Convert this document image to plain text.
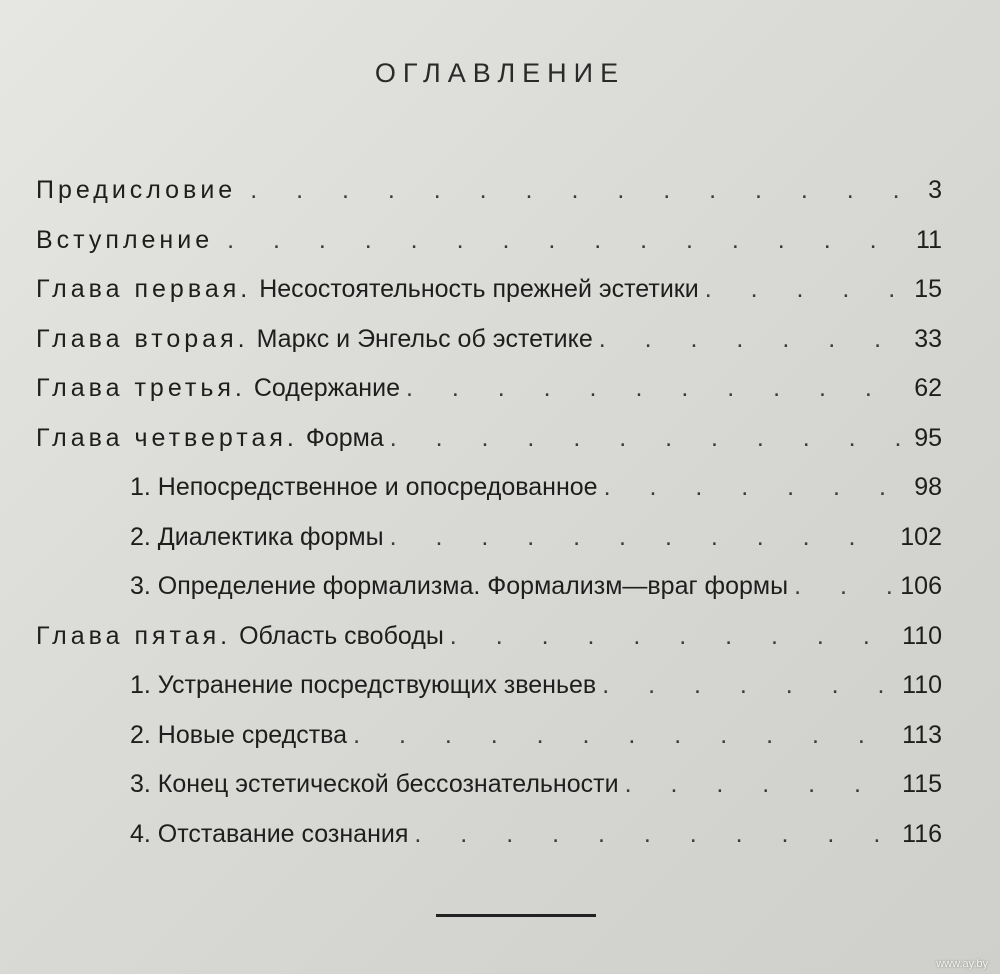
ОГЛАВЛЕНИЕ
Предисловие . . .	3
Вступление . . .	11
Глава первая. Несостоятельность прежней эстетики . . .	15
Глава вторая. Маркс и Энгельс об эстетике . . .	33
Глава третья. Содержание . . .	62
Глава четвертая. Форма . . .	95
1. Непосредственное и опосредованное . . .	98
2. Диалектика формы . . .	102
3. Определение формализма. Формализм—враг формы . . .	106
Глава пятая. Область свободы . . .	110
1. Устранение посредствующих звеньев . . .	110
2. Новые средства . . .	113
3. Конец эстетической бессознательности . . .	115
4. Отставание сознания . . .	116
www.ay.by
